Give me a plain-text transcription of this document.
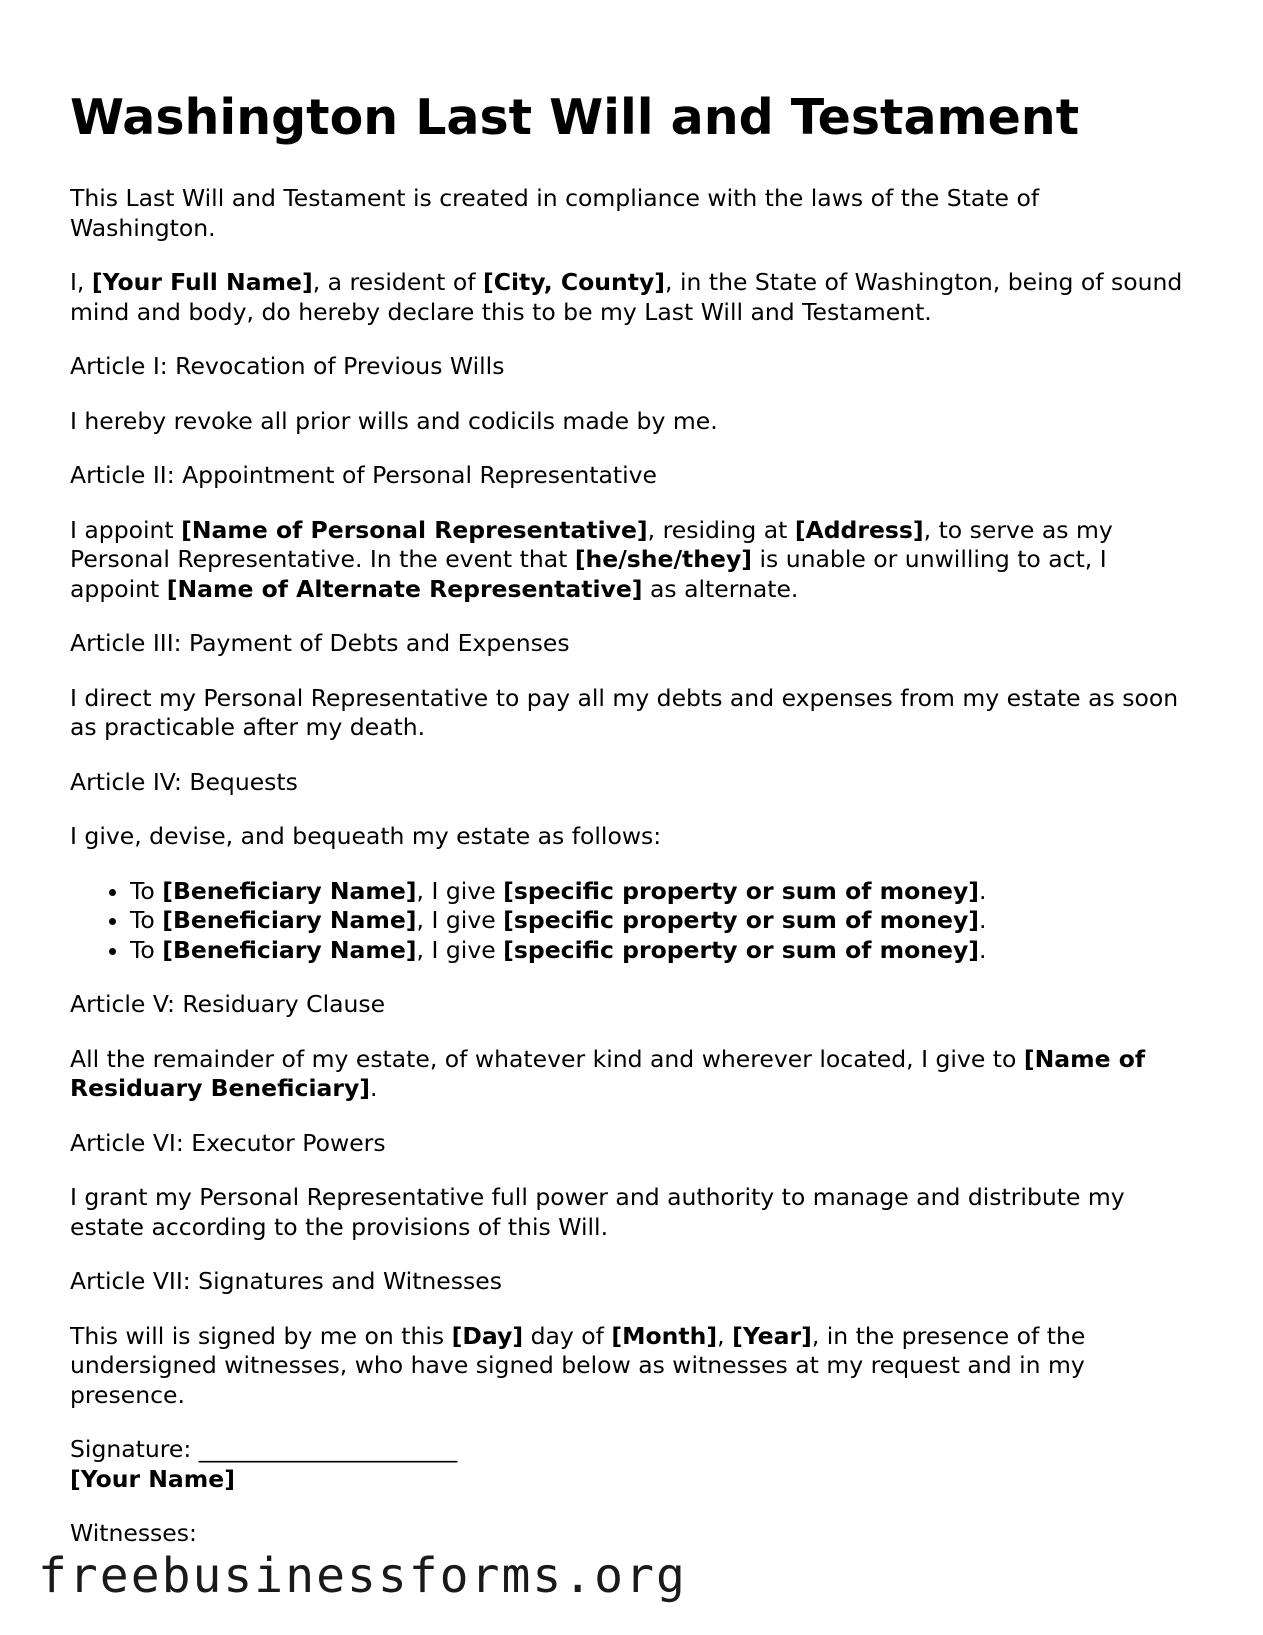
Washington Last Will and Testament

This Last Will and Testament is created in compliance with the laws of the State of Washington.

I, [Your Full Name], a resident of [City, County], in the State of Washington, being of sound mind and body, do hereby declare this to be my Last Will and Testament.

Article I: Revocation of Previous Wills

I hereby revoke all prior wills and codicils made by me.

Article II: Appointment of Personal Representative

I appoint [Name of Personal Representative], residing at [Address], to serve as my Personal Representative. In the event that [he/she/they] is unable or unwilling to act, I appoint [Name of Alternate Representative] as alternate.

Article III: Payment of Debts and Expenses

I direct my Personal Representative to pay all my debts and expenses from my estate as soon as practicable after my death.

Article IV: Bequests

I give, devise, and bequeath my estate as follows:

• To [Beneficiary Name], I give [specific property or sum of money].
• To [Beneficiary Name], I give [specific property or sum of money].
• To [Beneficiary Name], I give [specific property or sum of money].

Article V: Residuary Clause

All the remainder of my estate, of whatever kind and wherever located, I give to [Name of Residuary Beneficiary].

Article VI: Executor Powers

I grant my Personal Representative full power and authority to manage and distribute my estate according to the provisions of this Will.

Article VII: Signatures and Witnesses

This will is signed by me on this [Day] day of [Month], [Year], in the presence of the undersigned witnesses, who have signed below as witnesses at my request and in my presence.

Signature: ______________________
[Your Name]

Witnesses:

freebusinessforms.org
